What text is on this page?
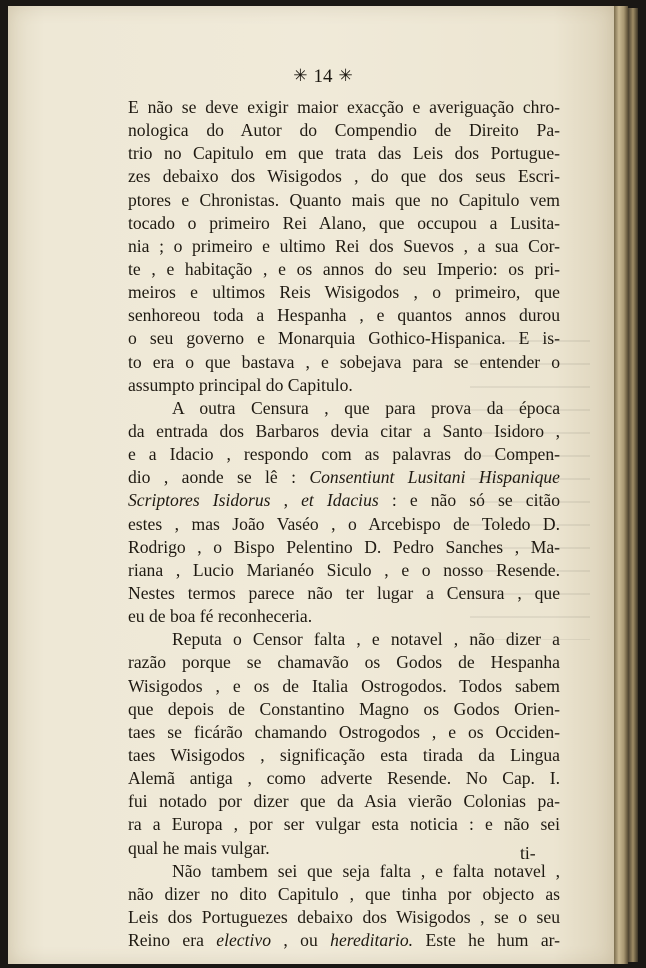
✳ 14 ✳
E não se deve exigir maior exacção e averiguação chro-
nologica do Autor do Compendio de Direito Pa-
trio no Capitulo em que trata das Leis dos Portugue-
zes debaixo dos Wisigodos , do que dos seus Escri-
ptores e Chronistas. Quanto mais que no Capitulo vem
tocado o primeiro Rei Alano, que occupou a Lusita-
nia ; o primeiro e ultimo Rei dos Suevos , a sua Cor-
te , e habitação , e os annos do seu Imperio: os pri-
meiros e ultimos Reis Wisigodos , o primeiro, que
senhoreou toda a Hespanha , e quantos annos durou
o seu governo e Monarquia Gothico-Hispanica. E is-
to era o que bastava , e sobejava para se entender o
assumpto principal do Capitulo.
A outra Censura , que para prova da época
da entrada dos Barbaros devia citar a Santo Isidoro ,
e a Idacio , respondo com as palavras do Compen-
dio , aonde se lê : Consentiunt Lusitani Hispanique
Scriptores Isidorus , et Idacius : e não só se citão
estes , mas João Vaséo , o Arcebispo de Toledo D.
Rodrigo , o Bispo Pelentino D. Pedro Sanches , Ma-
riana , Lucio Marianéo Siculo , e o nosso Resende.
Nestes termos parece não ter lugar a Censura , que
eu de boa fé reconheceria.
Reputa o Censor falta , e notavel , não dizer a
razão porque se chamavão os Godos de Hespanha
Wisigodos , e os de Italia Ostrogodos. Todos sabem
que depois de Constantino Magno os Godos Orien-
taes se ficárão chamando Ostrogodos , e os Occiden-
taes Wisigodos , significação esta tirada da Lingua
Alemã antiga , como adverte Resende. No Cap. I.
fui notado por dizer que da Asia vierão Colonias pa-
ra a Europa , por ser vulgar esta noticia : e não sei
qual he mais vulgar.
Não tambem sei que seja falta , e falta notavel ,
não dizer no dito Capitulo , que tinha por objecto as
Leis dos Portuguezes debaixo dos Wisigodos , se o seu
Reino era electivo , ou hereditario. Este he hum ar-
ti-
